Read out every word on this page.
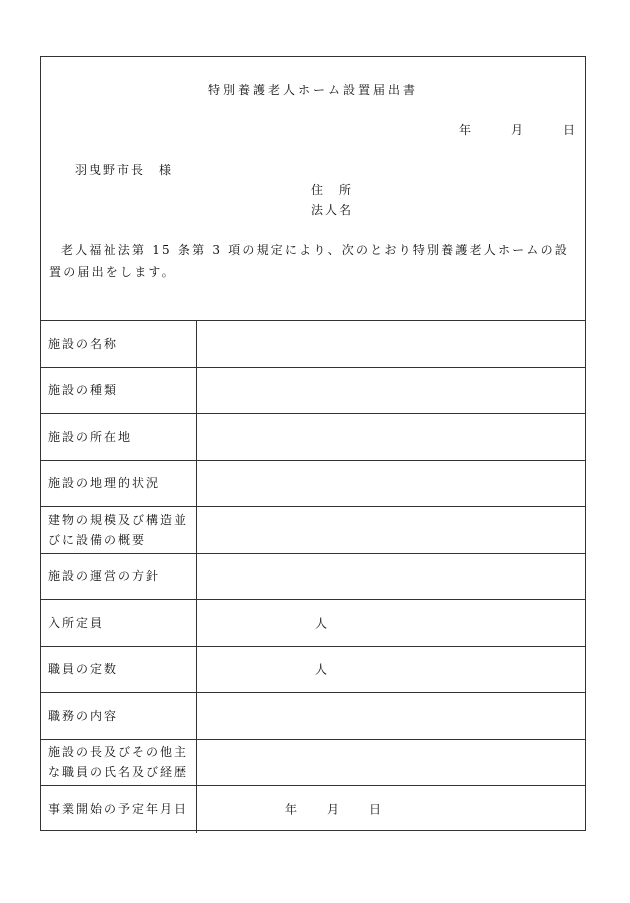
特別養護老人ホーム設置届出書
年	月	日
羽曳野市長 様
住 所
法人名
老人福祉法第 15 条第 3 項の規定により、次のとおり特別養護老人ホームの設置の届出をします。
施設の名称
施設の種類
施設の所在地
施設の地理的状況
建物の規模及び構造並びに設備の概要
施設の運営の方針
入所定員	人
職員の定数	人
職務の内容
施設の長及びその他主な職員の氏名及び経歴
事業開始の予定年月日	年	月	日
